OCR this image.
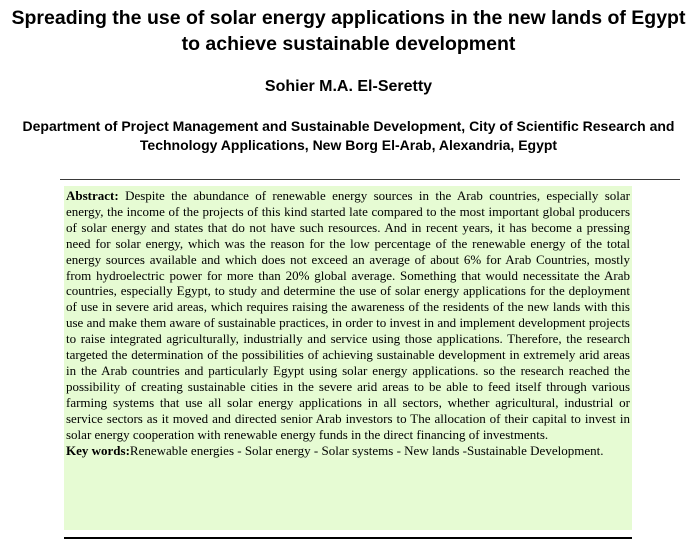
Spreading the use of solar energy applications in the new lands of Egypt to achieve sustainable development
Sohier M.A. El-Seretty
Department of Project Management and Sustainable Development, City of Scientific Research and Technology Applications, New Borg El-Arab, Alexandria, Egypt

Abstract: Despite the abundance of renewable energy sources in the Arab countries, especially solar energy, the income of the projects of this kind started late compared to the most important global producers of solar energy and states that do not have such resources. And in recent years, it has become a pressing need for solar energy, which was the reason for the low percentage of the renewable energy of the total energy sources available and which does not exceed an average of about 6% for Arab Countries, mostly from hydroelectric power for more than 20% global average. Something that would necessitate the Arab countries, especially Egypt, to study and determine the use of solar energy applications for the deployment of use in severe arid areas, which requires raising the awareness of the residents of the new lands with this use and make them aware of sustainable practices, in order to invest in and implement development projects to raise integrated agriculturally, industrially and service using those applications. Therefore, the research targeted the determination of the possibilities of achieving sustainable development in extremely arid areas in the Arab countries and particularly Egypt using solar energy applications. so the research reached the possibility of creating sustainable cities in the severe arid areas to be able to feed itself through various farming systems that use all solar energy applications in all sectors, whether agricultural, industrial or service sectors as it moved and directed senior Arab investors to The allocation of their capital to invest in solar energy cooperation with renewable energy funds in the direct financing of investments.

Key words:Renewable energies - Solar energy - Solar systems - New lands -Sustainable Development.
